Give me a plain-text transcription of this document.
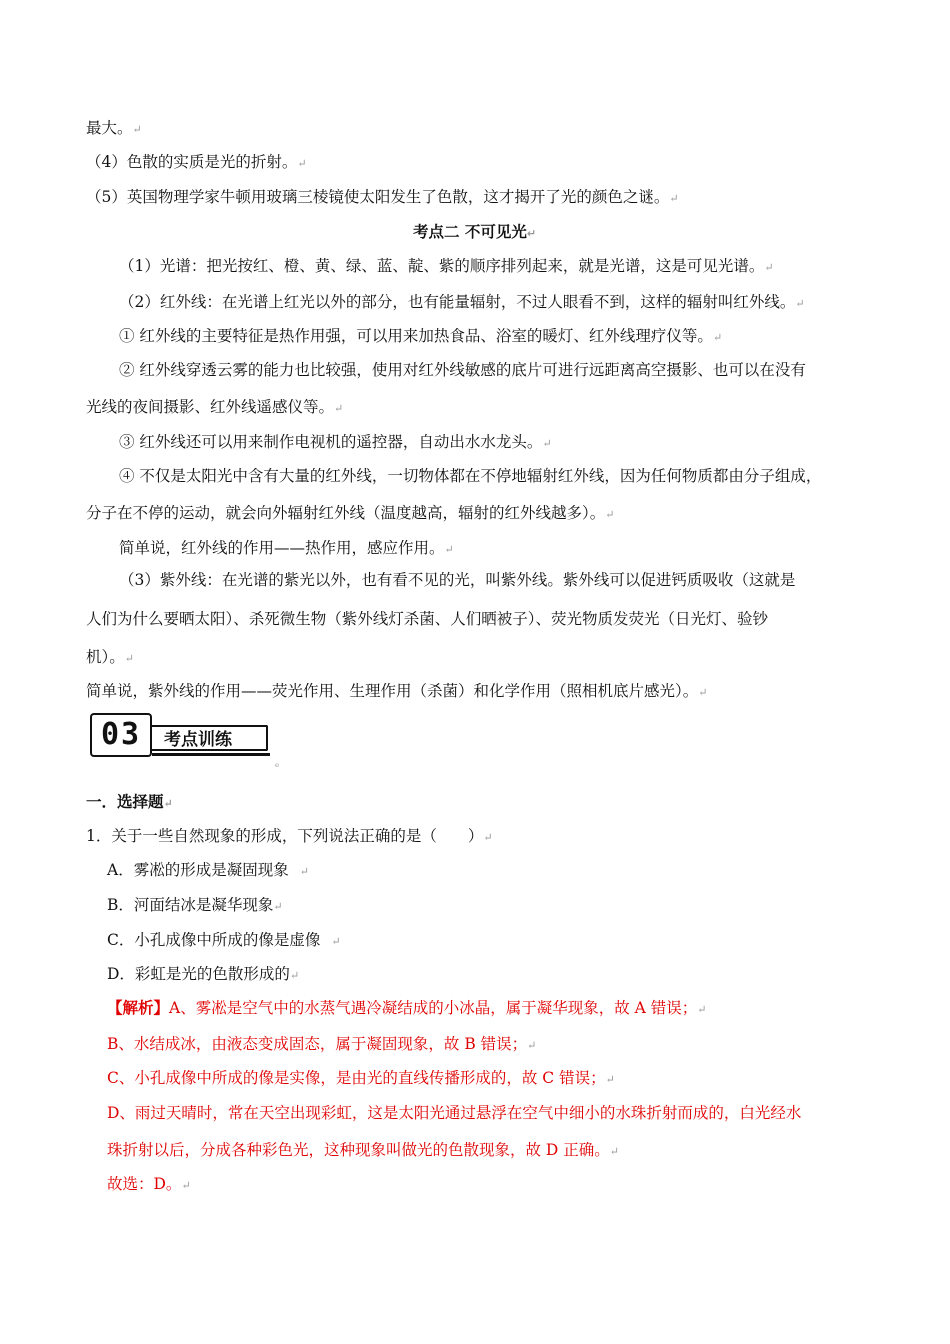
最大。↵
（4）色散的实质是光的折射。↵
（5）英国物理学家牛顿用玻璃三棱镜使太阳发生了色散，这才揭开了光的颜色之谜。↵
考点二 不可见光↵
（1）光谱：把光按红、橙、黄、绿、蓝、靛、紫的顺序排列起来，就是光谱，这是可见光谱。↵
（2）红外线：在光谱上红光以外的部分，也有能量辐射，不过人眼看不到，这样的辐射叫红外线。↵
① 红外线的主要特征是热作用强，可以用来加热食品、浴室的暖灯、红外线理疗仪等。↵
② 红外线穿透云雾的能力也比较强，使用对红外线敏感的底片可进行远距离高空摄影、也可以在没有
光线的夜间摄影、红外线遥感仪等。↵
③ 红外线还可以用来制作电视机的遥控器，自动出水水龙头。↵
④ 不仅是太阳光中含有大量的红外线，一切物体都在不停地辐射红外线，因为任何物质都由分子组成，
分子在不停的运动，就会向外辐射红外线（温度越高，辐射的红外线越多）。↵
简单说，红外线的作用——热作用，感应作用。↵
（3）紫外线：在光谱的紫光以外，也有看不见的光，叫紫外线。紫外线可以促进钙质吸收（这就是
人们为什么要晒太阳）、杀死微生物（紫外线灯杀菌、人们晒被子）、荧光物质发荧光（日光灯、验钞
机）。↵
简单说，紫外线的作用——荧光作用、生理作用（杀菌）和化学作用（照相机底片感光）。↵
考点训练
03
ₑ
一．选择题↵
1．关于一些自然现象的形成，下列说法正确的是（　　）↵
A．雾凇的形成是凝固现象　 ↵
B．河面结冰是凝华现象↵
C．小孔成像中所成的像是虚像　 ↵
D．彩虹是光的色散形成的↵
【解析】A、雾凇是空气中的水蒸气遇冷凝结成的小冰晶，属于凝华现象，故 A 错误；↵
B、水结成冰，由液态变成固态，属于凝固现象，故 B 错误；↵
C、小孔成像中所成的像是实像，是由光的直线传播形成的，故 C 错误；↵
D、雨过天晴时，常在天空出现彩虹，这是太阳光通过悬浮在空气中细小的水珠折射而成的，白光经水
珠折射以后，分成各种彩色光，这种现象叫做光的色散现象，故 D 正确。↵
故选：D。↵
